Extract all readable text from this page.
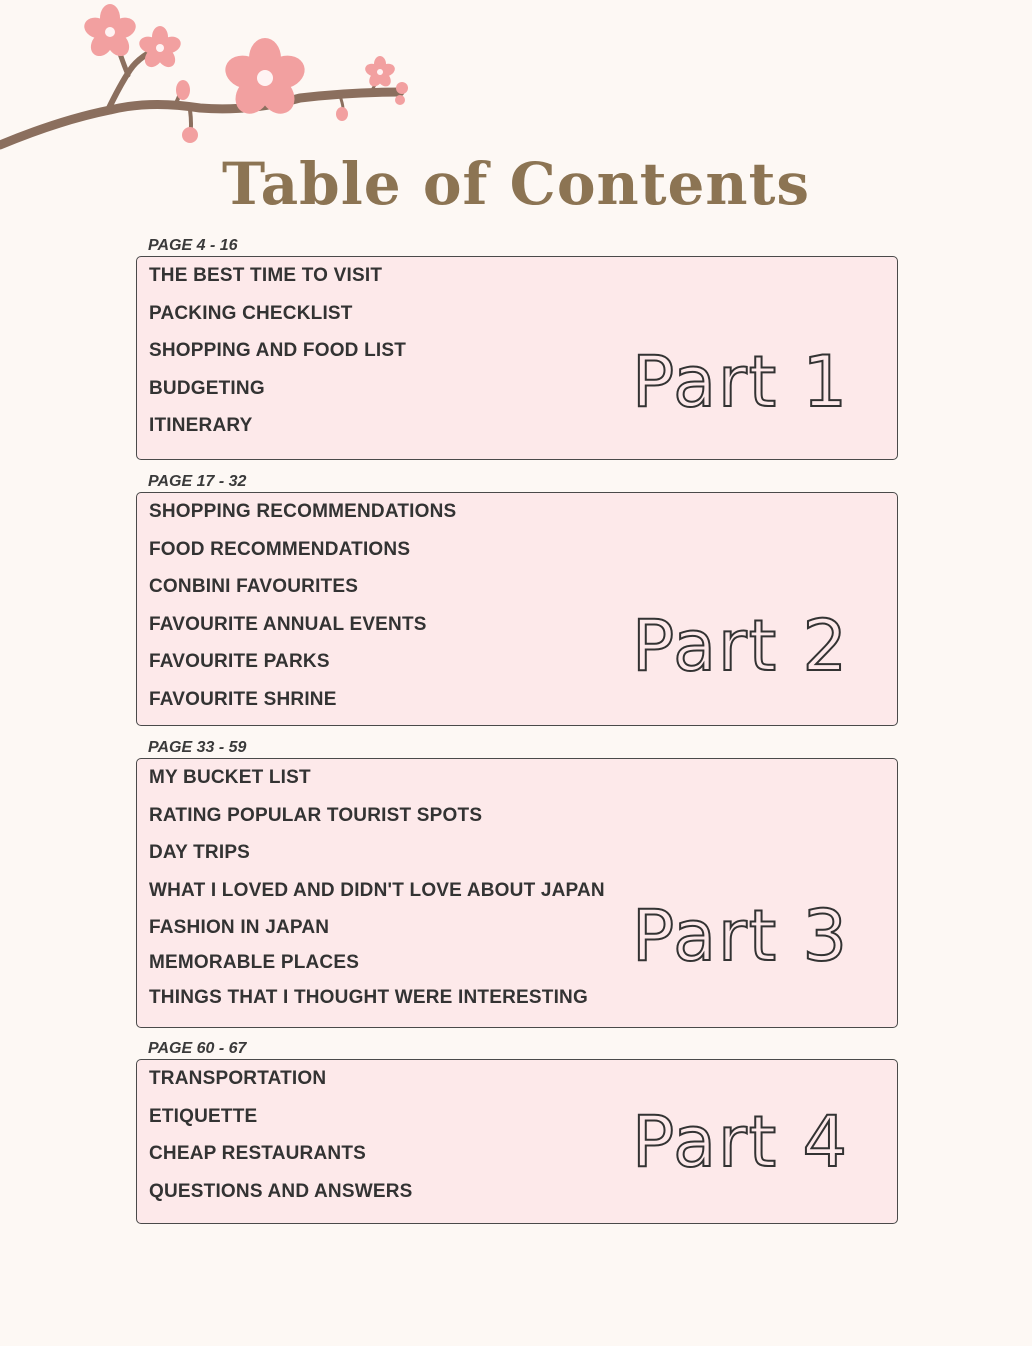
Table of Contents
PAGE 4 - 16
THE BEST TIME TO VISIT
PACKING CHECKLIST
SHOPPING AND FOOD LIST
BUDGETING
ITINERARY
Part 1
PAGE 17 - 32
SHOPPING RECOMMENDATIONS
FOOD RECOMMENDATIONS
CONBINI FAVOURITES
FAVOURITE ANNUAL EVENTS
FAVOURITE PARKS
FAVOURITE SHRINE
Part 2
PAGE 33 - 59
MY BUCKET LIST
RATING POPULAR TOURIST SPOTS
DAY TRIPS
WHAT I LOVED AND DIDN'T LOVE ABOUT JAPAN
FASHION IN JAPAN
MEMORABLE PLACES
THINGS THAT I THOUGHT WERE INTERESTING
Part 3
PAGE 60 - 67
TRANSPORTATION
ETIQUETTE
CHEAP RESTAURANTS
QUESTIONS AND ANSWERS
Part 4
